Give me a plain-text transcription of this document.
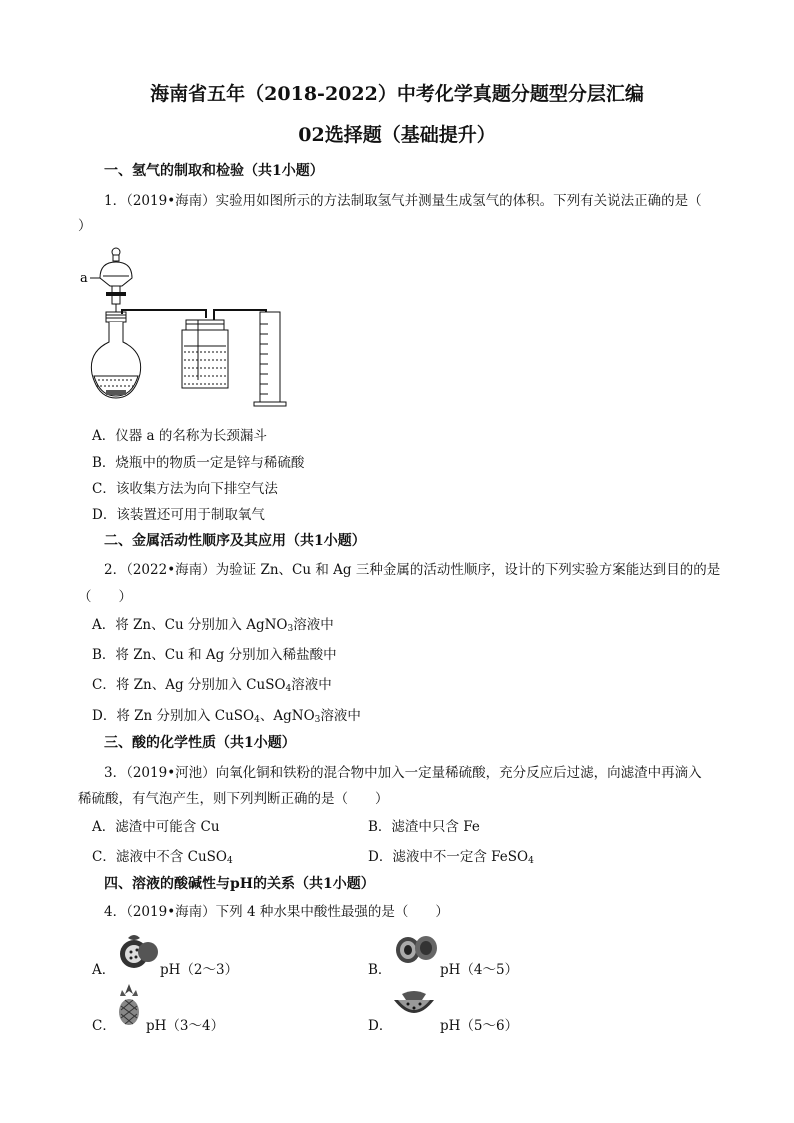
海南省五年（2018-2022）中考化学真题分题型分层汇编
02选择题（基础提升）
一、氢气的制取和检验（共1小题）
1．（2019•海南）实验用如图所示的方法制取氢气并测量生成氢气的体积。下列有关说法正确的是（
）
a
A．仪器 a 的名称为长颈漏斗
B．烧瓶中的物质一定是锌与稀硫酸
C．该收集方法为向下排空气法
D．该装置还可用于制取氧气
二、金属活动性顺序及其应用（共1小题）
2．（2022•海南）为验证 Zn、Cu 和 Ag 三种金属的活动性顺序，设计的下列实验方案能达到目的的是
（　　）
A．将 Zn、Cu 分别加入 AgNO$_3$溶液中
B．将 Zn、Cu 和 Ag 分别加入稀盐酸中
C．将 Zn、Ag 分别加入 CuSO$_4$溶液中
D．将 Zn 分别加入 CuSO$_4$、AgNO$_3$溶液中
三、酸的化学性质（共1小题）
3．（2019•河池）向氧化铜和铁粉的混合物中加入一定量稀硫酸，充分反应后过滤，向滤渣中再滴入
稀硫酸，有气泡产生，则下列判断正确的是（　　）
A．滤渣中可能含 Cu	B．滤渣中只含 Fe
C．滤液中不含 CuSO$_4$	D．滤液中不一定含 FeSO$_4$
四、溶液的酸碱性与pH的关系（共1小题）
4．（2019•海南）下列 4 种水果中酸性最强的是（　　）
A．	pH（2～3）	B．	pH（4～5）
C． pH（3～4）	D．	pH（5～6）
